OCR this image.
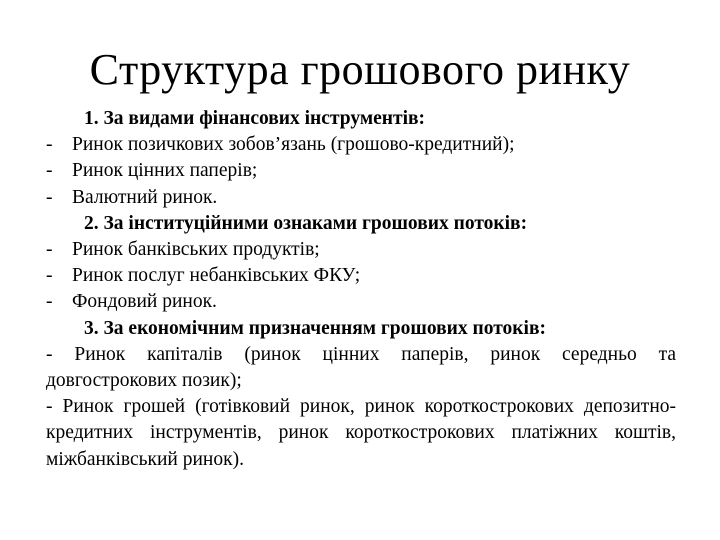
Структура грошового ринку
1. За видами фінансових інструментів:
- Ринок позичкових зобов’язань (грошово-кредитний);
- Ринок цінних паперів;
- Валютний ринок.
2. За інституційними ознаками грошових потоків:
- Ринок банківських продуктів;
- Ринок послуг небанківських ФКУ;
- Фондовий ринок.
3. За економічним призначенням грошових потоків:
- Ринок капіталів (ринок цінних паперів, ринок середньо та довгострокових позик);
- Ринок грошей (готівковий ринок, ринок короткострокових депозитно-кредитних інструментів, ринок короткострокових платіжних коштів, міжбанківський ринок).
